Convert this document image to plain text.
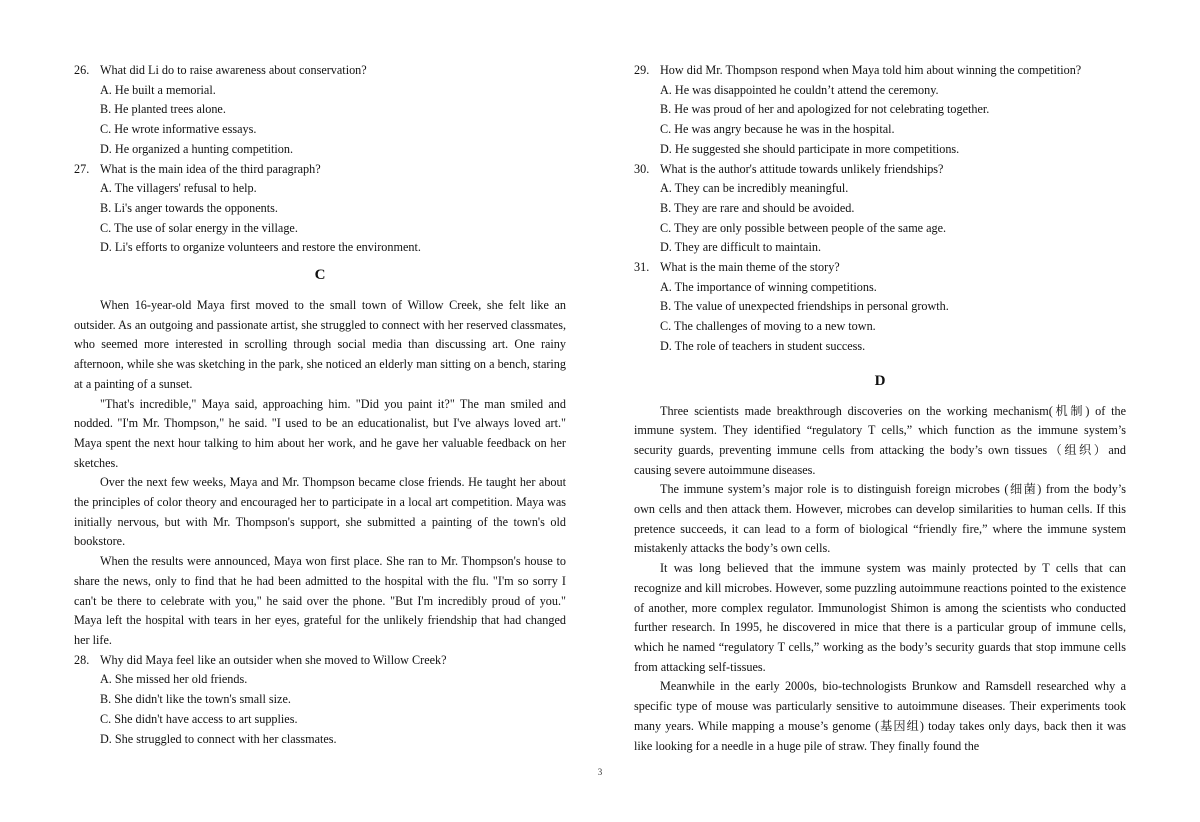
26. What did Li do to raise awareness about conservation?

A. He built a memorial.

B. He planted trees alone.

C. He wrote informative essays.

D. He organized a hunting competition.

27. What is the main idea of the third paragraph?

A. The villagers' refusal to help.

B. Li's anger towards the opponents.

C. The use of solar energy in the village.

D. Li's efforts to organize volunteers and restore the environment.

C

When 16-year-old Maya first moved to the small town of Willow Creek, she felt like an outsider. As an outgoing and passionate artist, she struggled to connect with her reserved classmates, who seemed more interested in scrolling through social media than discussing art. One rainy afternoon, while she was sketching in the park, she noticed an elderly man sitting on a bench, staring at a painting of a sunset.

"That's incredible," Maya said, approaching him. "Did you paint it?" The man smiled and nodded. "I'm Mr. Thompson," he said. "I used to be an educationalist, but I've always loved art." Maya spent the next hour talking to him about her work, and he gave her valuable feedback on her sketches.

Over the next few weeks, Maya and Mr. Thompson became close friends. He taught her about the principles of color theory and encouraged her to participate in a local art competition. Maya was initially nervous, but with Mr. Thompson's support, she submitted a painting of the town's old bookstore.

When the results were announced, Maya won first place. She ran to Mr. Thompson's house to share the news, only to find that he had been admitted to the hospital with the flu. "I'm so sorry I can't be there to celebrate with you," he said over the phone. "But I'm incredibly proud of you." Maya left the hospital with tears in her eyes, grateful for the unlikely friendship that had changed her life.

28. Why did Maya feel like an outsider when she moved to Willow Creek?

A. She missed her old friends.

B. She didn't like the town's small size.

C. She didn't have access to art supplies.

D. She struggled to connect with her classmates.

29. How did Mr. Thompson respond when Maya told him about winning the competition?

A. He was disappointed he couldn’t attend the ceremony.

B. He was proud of her and apologized for not celebrating together.

C. He was angry because he was in the hospital.

D. He suggested she should participate in more competitions.

30. What is the author's attitude towards unlikely friendships?

A. They can be incredibly meaningful.

B. They are rare and should be avoided.

C. They are only possible between people of the same age.

D. They are difficult to maintain.

31. What is the main theme of the story?

A. The importance of winning competitions.

B. The value of unexpected friendships in personal growth.

C. The challenges of moving to a new town.

D. The role of teachers in student success.

D

Three scientists made breakthrough discoveries on the working mechanism(机制) of the immune system. They identified “regulatory T cells,” which function as the immune system’s security guards, preventing immune cells from attacking the body’s own tissues（组织）and causing severe autoimmune diseases.

The immune system’s major role is to distinguish foreign microbes (细菌) from the body’s own cells and then attack them. However, microbes can develop similarities to human cells. If this pretence succeeds, it can lead to a form of biological “friendly fire,” where the immune system mistakenly attacks the body’s own cells.

It was long believed that the immune system was mainly protected by T cells that can recognize and kill microbes. However, some puzzling autoimmune reactions pointed to the existence of another, more complex regulator. Immunologist Shimon is among the scientists who conducted further research. In 1995, he discovered in mice that there is a particular group of immune cells, which he named “regulatory T cells,” working as the body’s security guards that stop immune cells from attacking self-tissues.

Meanwhile in the early 2000s, bio-technologists Brunkow and Ramsdell researched why a specific type of mouse was particularly sensitive to autoimmune diseases. Their experiments took many years. While mapping a mouse’s genome (基因组) today takes only days, back then it was like looking for a needle in a huge pile of straw. They finally found the

3
